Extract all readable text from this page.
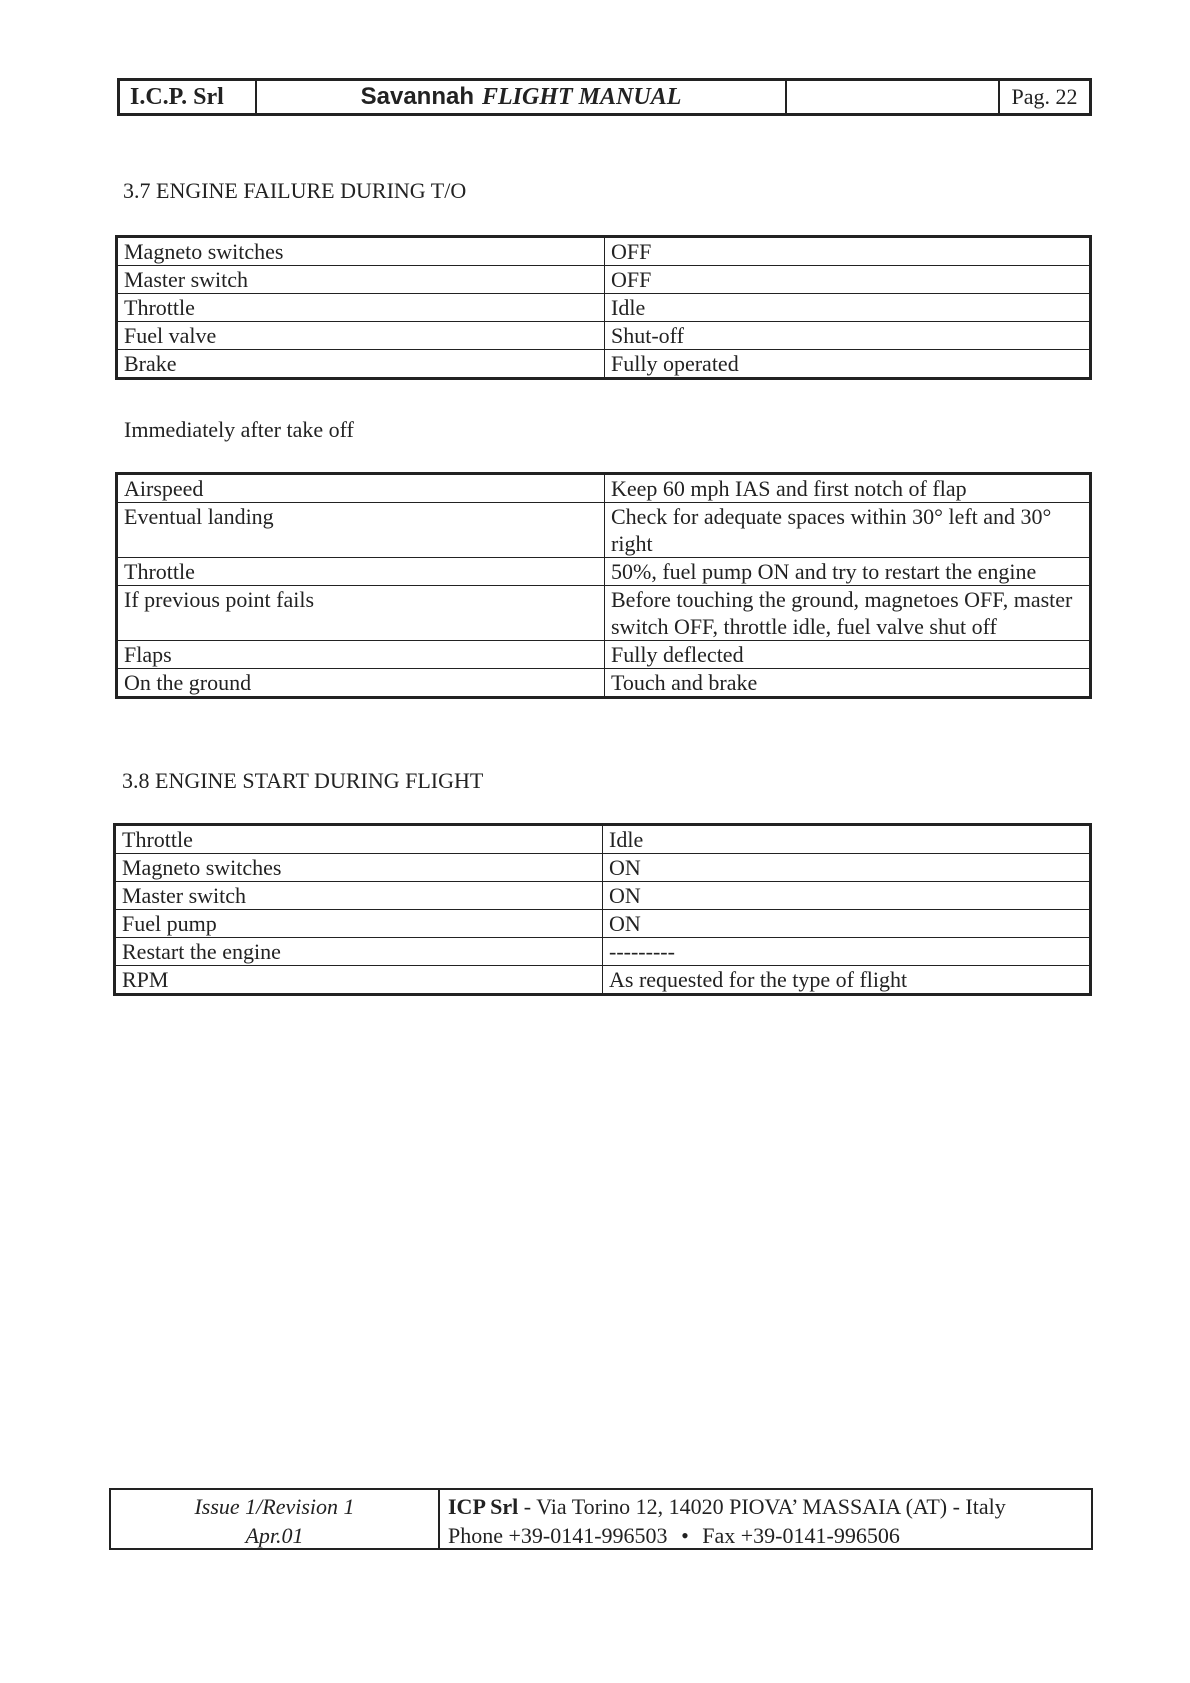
I.C.P. Srl	Savannah FLIGHT MANUAL	Pag. 22
3.7 ENGINE FAILURE DURING T/O
Magneto switches	OFF
Master switch	OFF
Throttle	Idle
Fuel valve	Shut-off
Brake	Fully operated
Immediately after take off
Airspeed	Keep 60 mph IAS and first notch of flap
Eventual landing	Check for adequate spaces within 30° left and 30° right
Throttle	50%, fuel pump ON and try to restart the engine
If previous point fails	Before touching the ground, magnetoes OFF, master switch OFF, throttle idle, fuel valve shut off
Flaps	Fully deflected
On the ground	Touch and brake
3.8 ENGINE START DURING FLIGHT
Throttle	Idle
Magneto switches	ON
Master switch	ON
Fuel pump	ON
Restart the engine	---------
RPM	As requested for the type of flight
Issue 1/Revision 1
Apr.01
ICP Srl - Via Torino 12, 14020 PIOVA’ MASSAIA (AT) - Italy
Phone +39-0141-996503 • Fax +39-0141-996506
